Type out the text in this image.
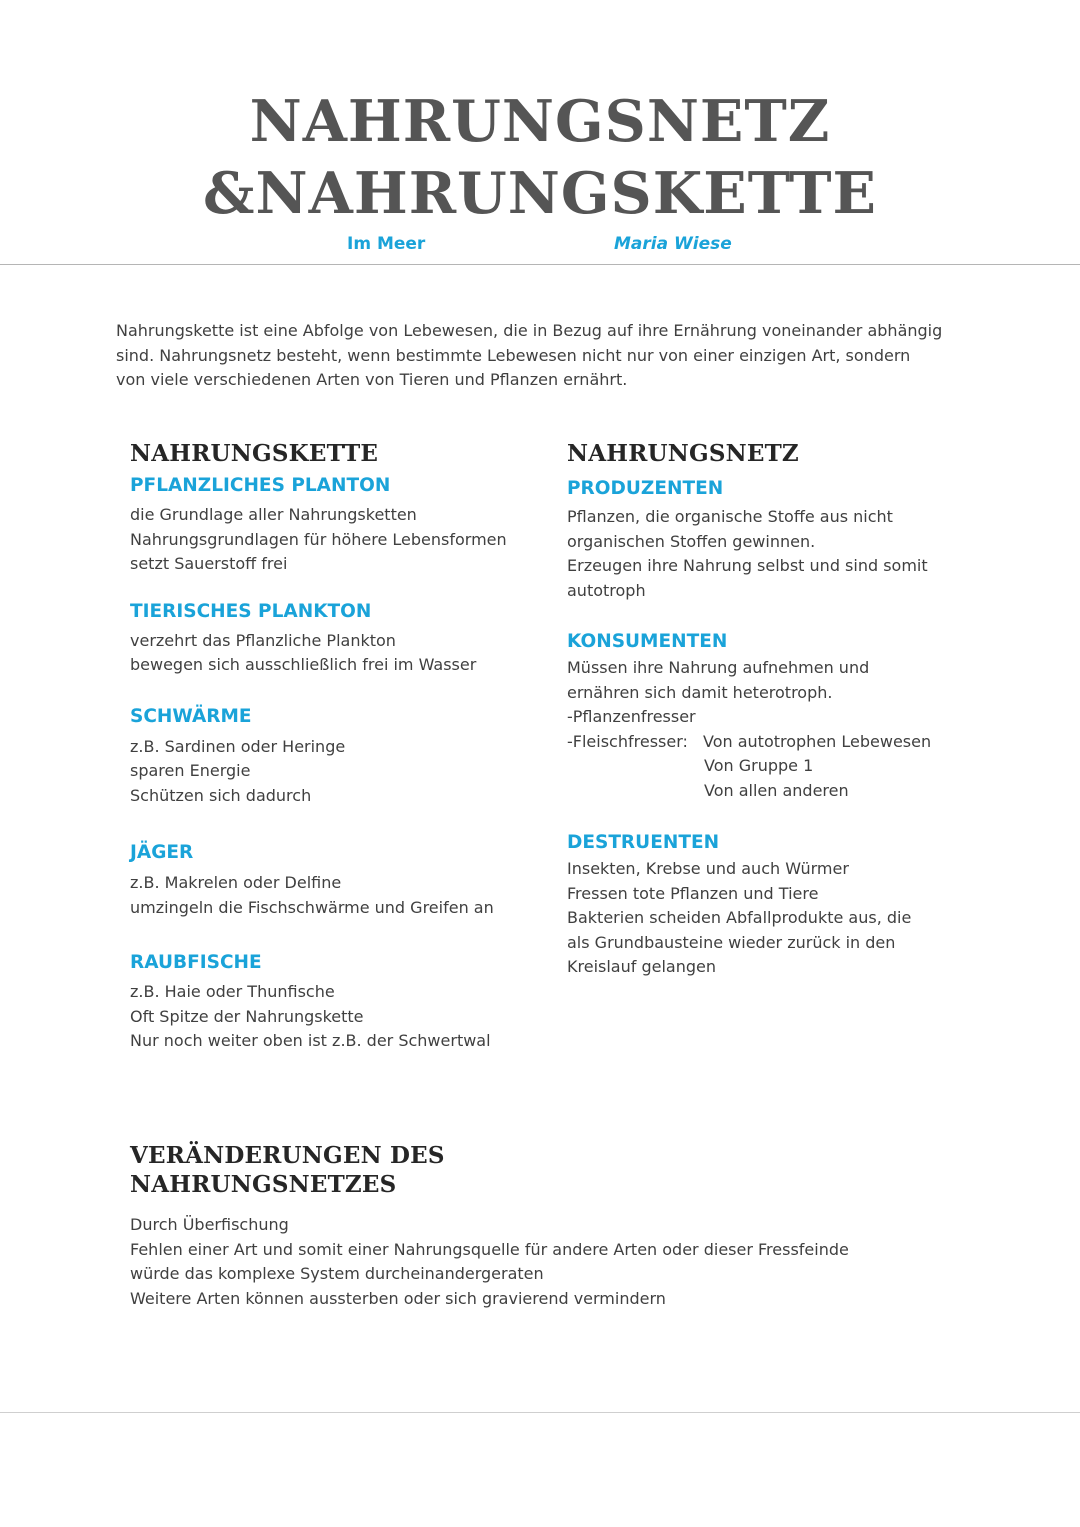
NAHRUNGSNETZ
&NAHRUNGSKETTE
Im Meer	Maria Wiese
Nahrungskette ist eine Abfolge von Lebewesen, die in Bezug auf ihre Ernährung voneinander abhängig
sind. Nahrungsnetz besteht, wenn bestimmte Lebewesen nicht nur von einer einzigen Art, sondern
von viele verschiedenen Arten von Tieren und Pflanzen ernährt.
NAHRUNGSKETTE
PFLANZLICHES PLANTON
die Grundlage aller Nahrungsketten
Nahrungsgrundlagen für höhere Lebensformen
setzt Sauerstoff frei
TIERISCHES PLANKTON
verzehrt das Pflanzliche Plankton
bewegen sich ausschließlich frei im Wasser
SCHWÄRME
z.B. Sardinen oder Heringe
sparen Energie
Schützen sich dadurch
JÄGER
z.B. Makrelen oder Delfine
umzingeln die Fischschwärme und Greifen an
RAUBFISCHE
z.B. Haie oder Thunfische
Oft Spitze der Nahrungskette
Nur noch weiter oben ist z.B. der Schwertwal
NAHRUNGSNETZ
PRODUZENTEN
Pflanzen, die organische Stoffe aus nicht
organischen Stoffen gewinnen.
Erzeugen ihre Nahrung selbst und sind somit
autotroph
KONSUMENTEN
Müssen ihre Nahrung aufnehmen und
ernähren sich damit heterotroph.
-Pflanzenfresser
-Fleischfresser: Von autotrophen Lebewesen
Von Gruppe 1
Von allen anderen
DESTRUENTEN
Insekten, Krebse und auch Würmer
Fressen tote Pflanzen und Tiere
Bakterien scheiden Abfallprodukte aus, die
als Grundbausteine wieder zurück in den
Kreislauf gelangen
VERÄNDERUNGEN DES
NAHRUNGSNETZES
Durch Überfischung
Fehlen einer Art und somit einer Nahrungsquelle für andere Arten oder dieser Fressfeinde
würde das komplexe System durcheinandergeraten
Weitere Arten können aussterben oder sich gravierend vermindern
